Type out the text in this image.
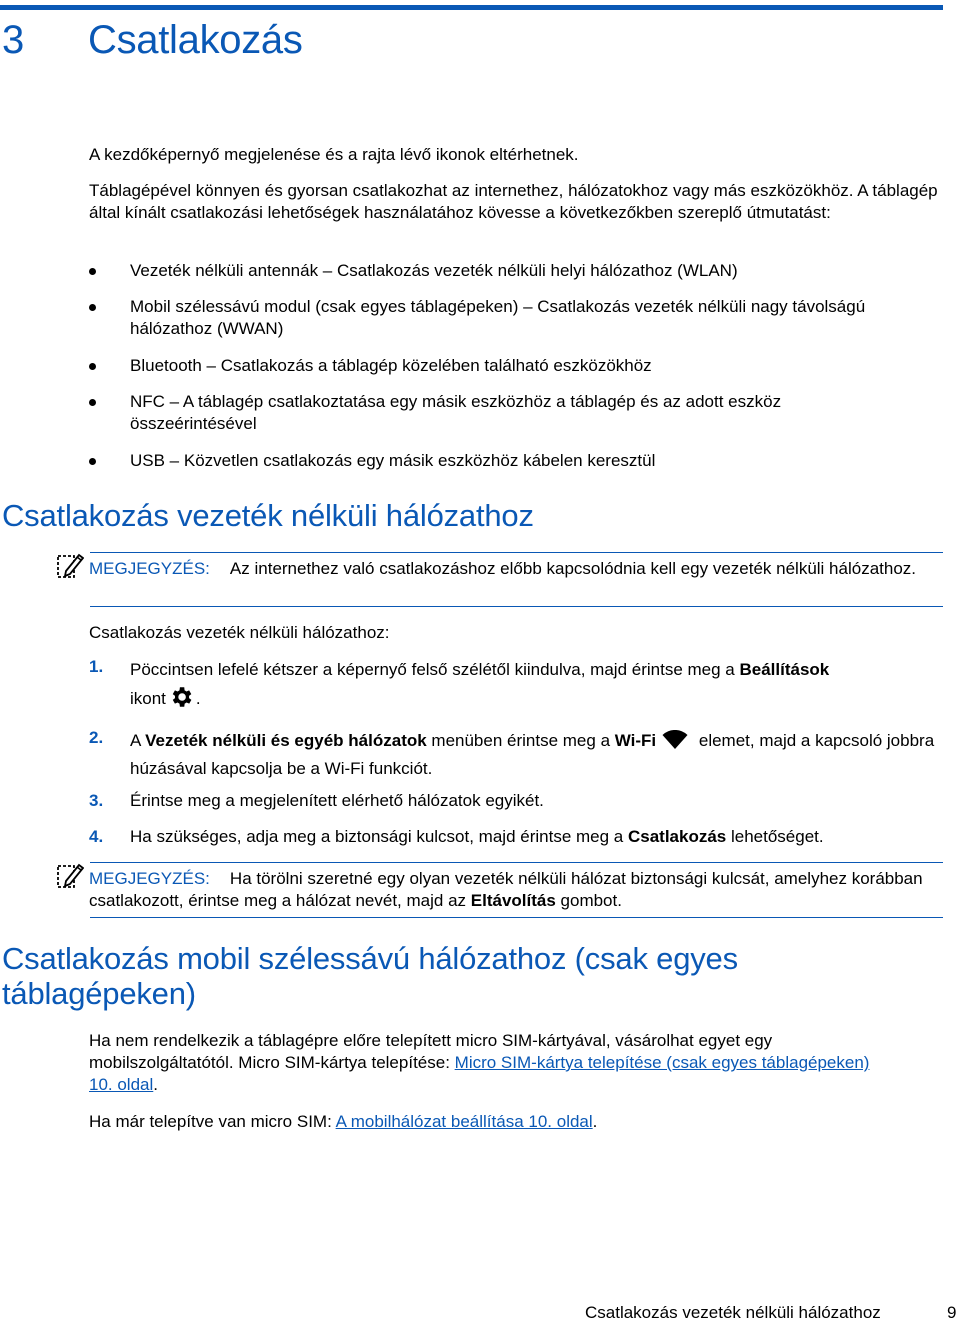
3 Csatlakozás

A kezdőképernyő megjelenése és a rajta lévő ikonok eltérhetnek.

Táblagépével könnyen és gyorsan csatlakozhat az internethez, hálózatokhoz vagy más eszközökhöz. A táblagép által kínált csatlakozási lehetőségek használatához kövesse a következőkben szereplő útmutatást:

Vezeték nélküli antennák – Csatlakozás vezeték nélküli helyi hálózathoz (WLAN)
Mobil szélessávú modul (csak egyes táblagépeken) – Csatlakozás vezeték nélküli nagy távolságú hálózathoz (WWAN)
Bluetooth – Csatlakozás a táblagép közelében található eszközökhöz
NFC – A táblagép csatlakoztatása egy másik eszközhöz a táblagép és az adott eszköz összeérintésével
USB – Közvetlen csatlakozás egy másik eszközhöz kábelen keresztül
Csatlakozás vezeték nélküli hálózathoz
MEGJEGYZÉS: Az internethez való csatlakozáshoz előbb kapcsolódnia kell egy vezeték nélküli hálózathoz.

Csatlakozás vezeték nélküli hálózathoz:

1. Pöccintsen lefelé kétszer a képernyő felső szélétől kiindulva, majd érintse meg a Beállítások
ikont .
2. A Vezeték nélküli és egyéb hálózatok menüben érintse meg a Wi-Fi elemet, majd a kapcsoló jobbra húzásával kapcsolja be a Wi-Fi funkciót.
3. Érintse meg a megjelenített elérhető hálózatok egyikét.
4. Ha szükséges, adja meg a biztonsági kulcsot, majd érintse meg a Csatlakozás lehetőséget.
MEGJEGYZÉS: Ha törölni szeretné egy olyan vezeték nélküli hálózat biztonsági kulcsát, amelyhez korábban csatlakozott, érintse meg a hálózat nevét, majd az Eltávolítás gombot.
Csatlakozás mobil szélessávú hálózathoz (csak egyes táblagépeken)

Ha nem rendelkezik a táblagépre előre telepített micro SIM-kártyával, vásárolhat egyet egy mobilszolgáltatótól. Micro SIM-kártya telepítése: Micro SIM-kártya telepítése (csak egyes táblagépeken) 10. oldal.

Ha már telepítve van micro SIM: A mobilhálózat beállítása 10. oldal.

Csatlakozás vezeték nélküli hálózathoz	9
